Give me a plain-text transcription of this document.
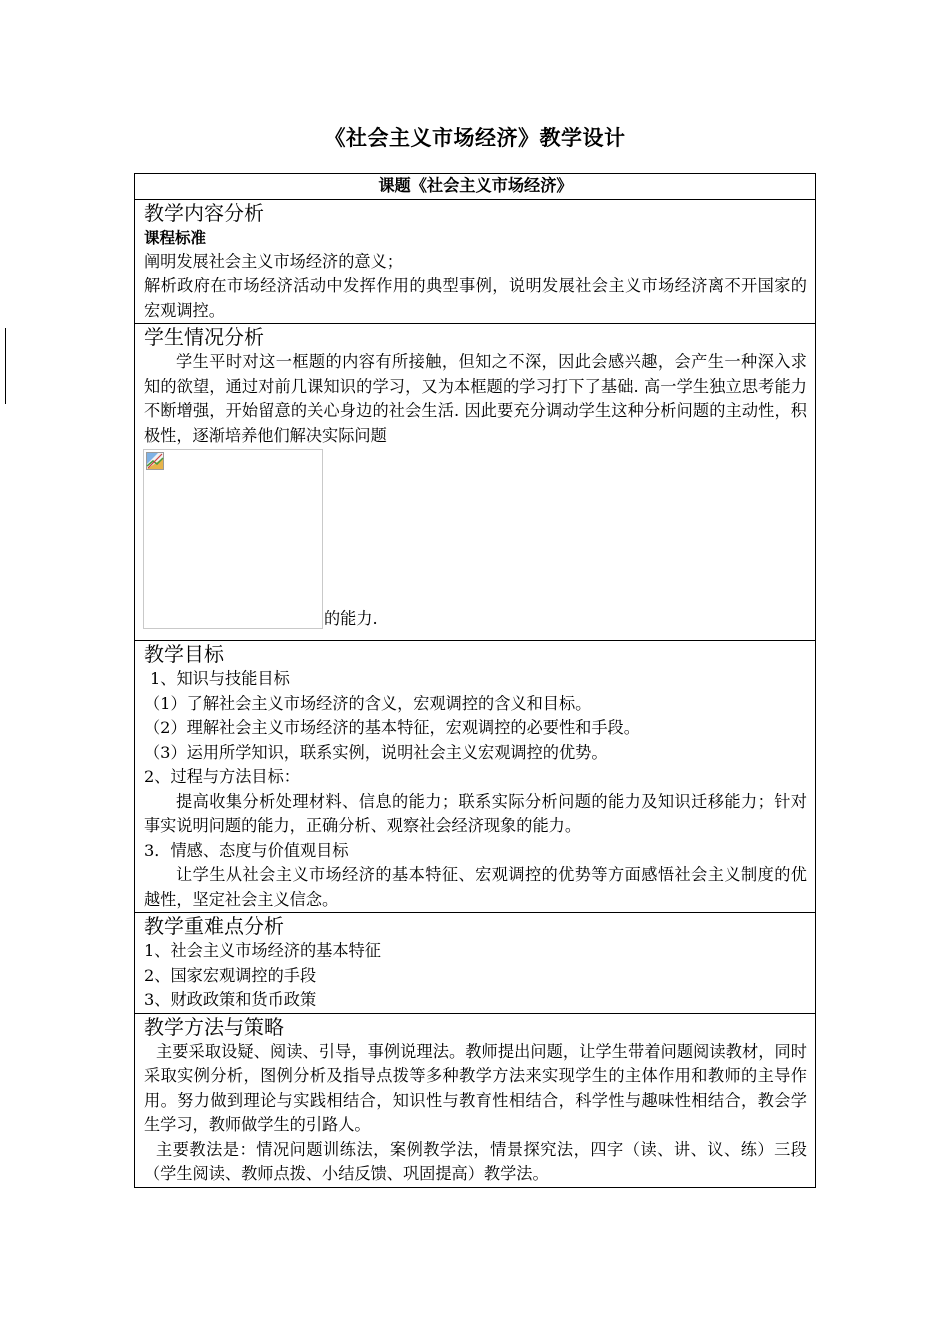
《社会主义市场经济》教学设计
课题《社会主义市场经济》

教学内容分析
课程标准

阐明发展社会主义市场经济的意义；

解析政府在市场经济活动中发挥作用的典型事例，说明发展社会主义市场经济离不开国家的宏观调控。

学生情况分析

学生平时对这一框题的内容有所接触，但知之不深，因此会感兴趣，会产生一种深入求知的欲望，通过对前几课知识的学习，又为本框题的学习打下了基础. 高一学生独立思考能力不断增强，开始留意的关心身边的社会生活. 因此要充分调动学生这种分析问题的主动性，积极性，逐渐培养他们解决实际问题

的能力.

教学目标

1、知识与技能目标

（1）了解社会主义市场经济的含义，宏观调控的含义和目标。

（2）理解社会主义市场经济的基本特征，宏观调控的必要性和手段。

（3）运用所学知识，联系实例，说明社会主义宏观调控的优势。

2、过程与方法目标：

提高收集分析处理材料、信息的能力；联系实际分析问题的能力及知识迁移能力；针对事实说明问题的能力，正确分析、观察社会经济现象的能力。

3．情感、态度与价值观目标

让学生从社会主义市场经济的基本特征、宏观调控的优势等方面感悟社会主义制度的优越性，坚定社会主义信念。

教学重难点分析

1、社会主义市场经济的基本特征

2、国家宏观调控的手段

3、财政政策和货币政策

教学方法与策略

主要采取设疑、阅读、引导，事例说理法。教师提出问题，让学生带着问题阅读教材，同时采取实例分析，图例分析及指导点拨等多种教学方法来实现学生的主体作用和教师的主导作用。努力做到理论与实践相结合，知识性与教育性相结合，科学性与趣味性相结合，教会学生学习，教师做学生的引路人。

主要教法是：情况问题训练法，案例教学法，情景探究法，四字（读、讲、议、练）三段（学生阅读、教师点拨、小结反馈、巩固提高）教学法。
